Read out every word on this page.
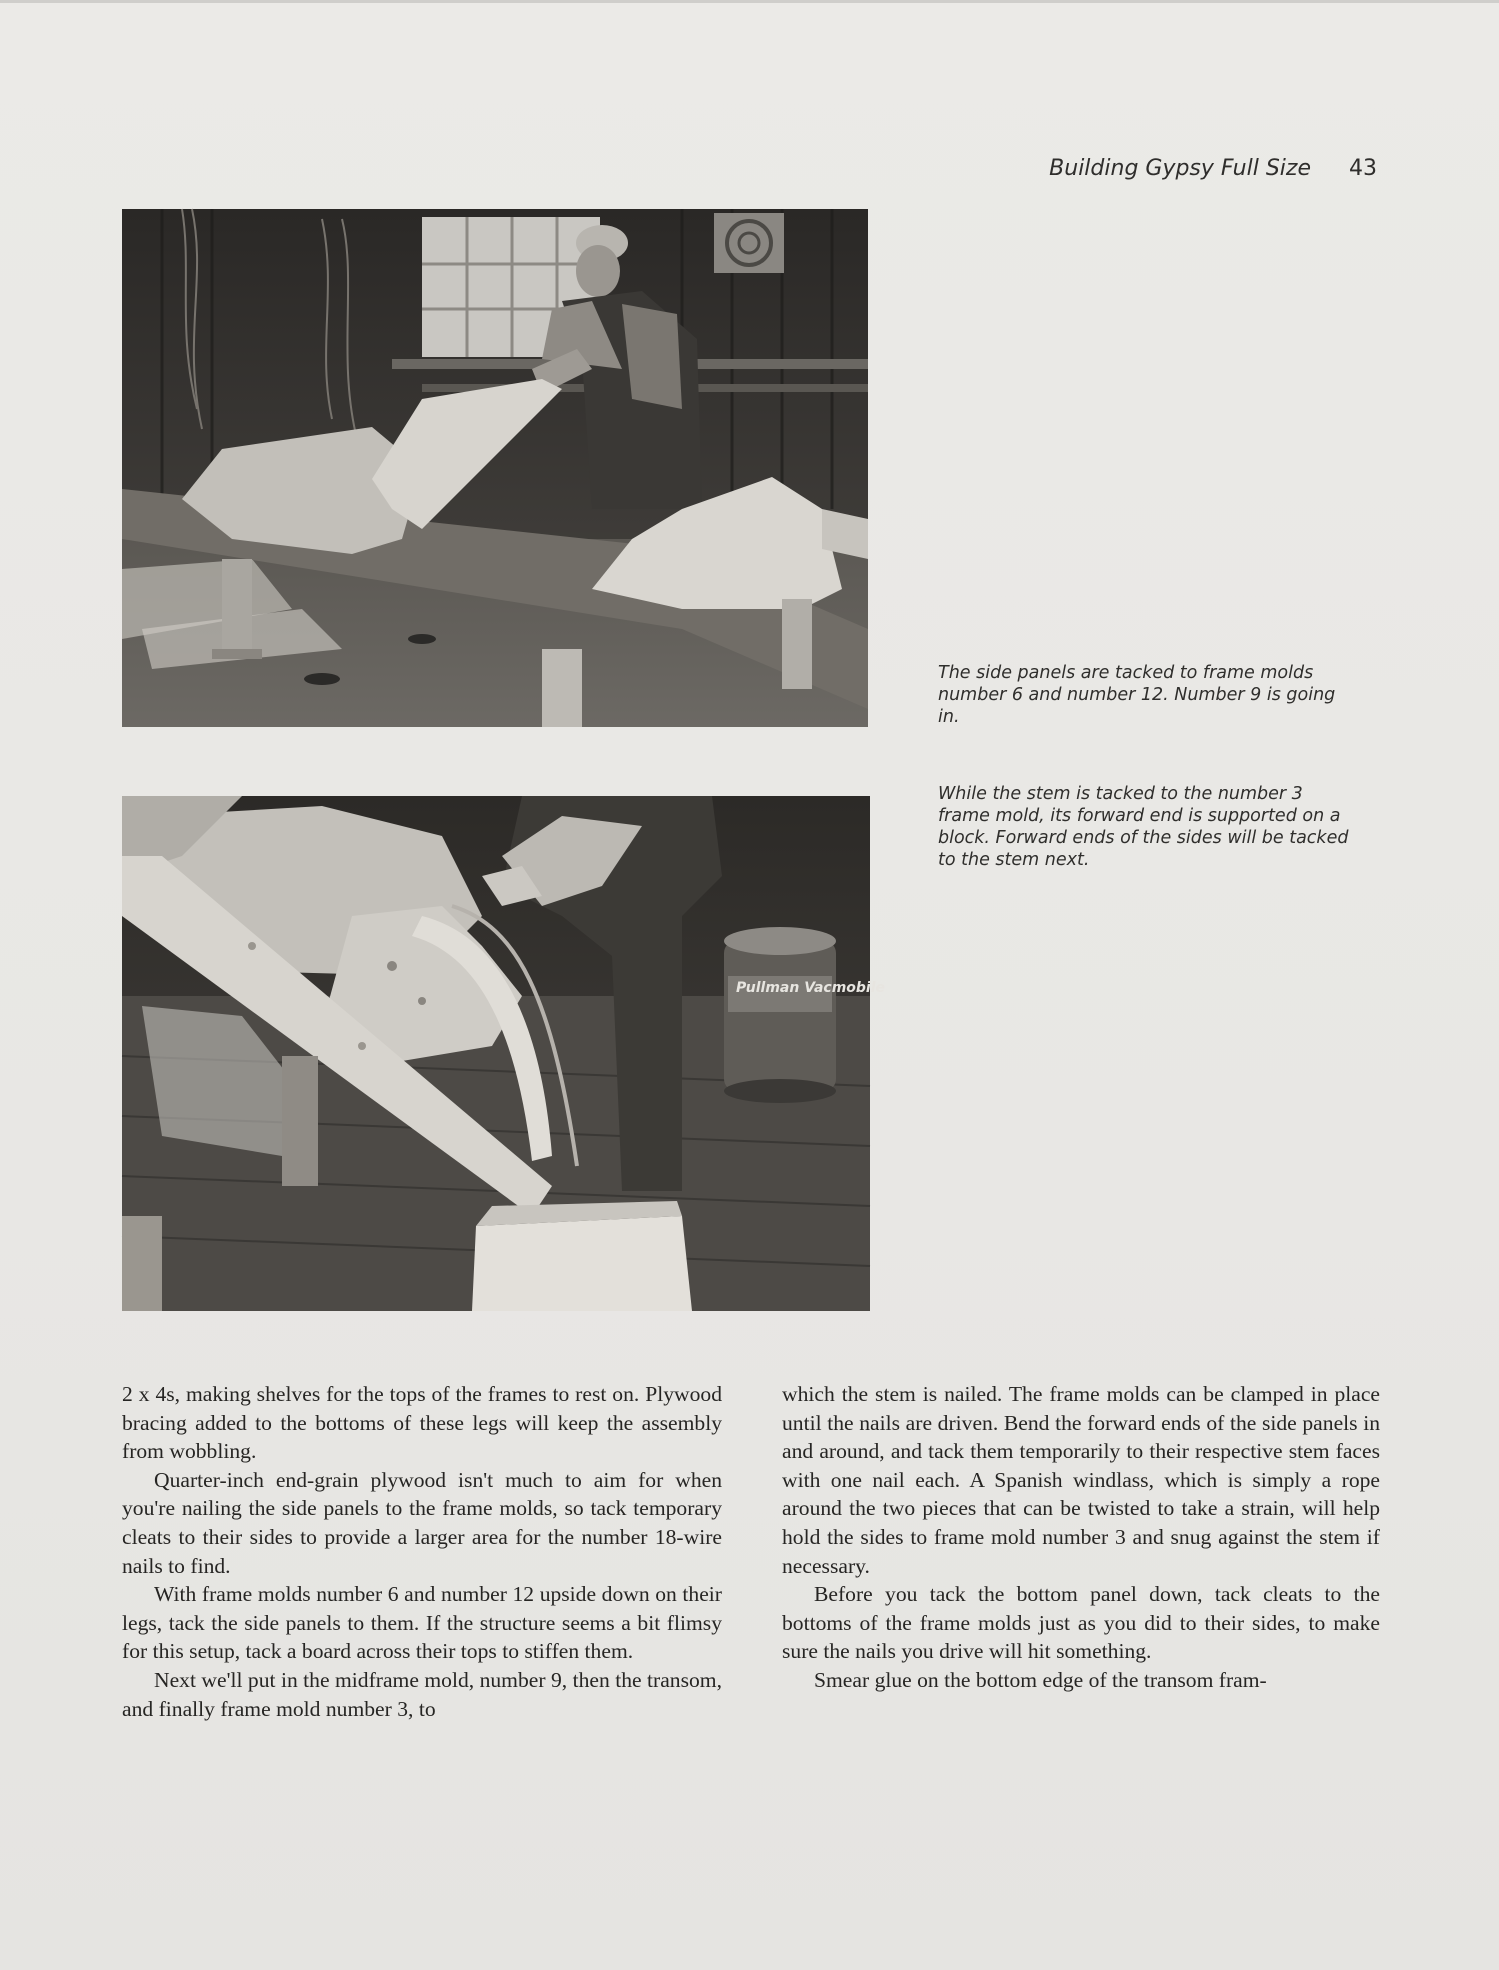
Building Gypsy Full Size 43
The side panels are tacked to frame molds number 6 and number 12. Number 9 is going in.
Pullman Vacmobile
While the stem is tacked to the number 3 frame mold, its forward end is supported on a block. Forward ends of the sides will be tacked to the stem next.

2 x 4s, making shelves for the tops of the frames to rest on. Plywood bracing added to the bottoms of these legs will keep the assembly from wobbling.

Quarter-inch end-grain plywood isn't much to aim for when you're nailing the side panels to the frame molds, so tack temporary cleats to their sides to provide a larger area for the number 18-wire nails to find.

With frame molds number 6 and number 12 upside down on their legs, tack the side panels to them. If the structure seems a bit flimsy for this setup, tack a board across their tops to stiffen them.

Next we'll put in the midframe mold, number 9, then the transom, and finally frame mold number 3, to

which the stem is nailed. The frame molds can be clamped in place until the nails are driven. Bend the forward ends of the side panels in and around, and tack them temporarily to their respective stem faces with one nail each. A Spanish windlass, which is simply a rope around the two pieces that can be twisted to take a strain, will help hold the sides to frame mold number 3 and snug against the stem if necessary.

Before you tack the bottom panel down, tack cleats to the bottoms of the frame molds just as you did to their sides, to make sure the nails you drive will hit something.

Smear glue on the bottom edge of the transom fram-
